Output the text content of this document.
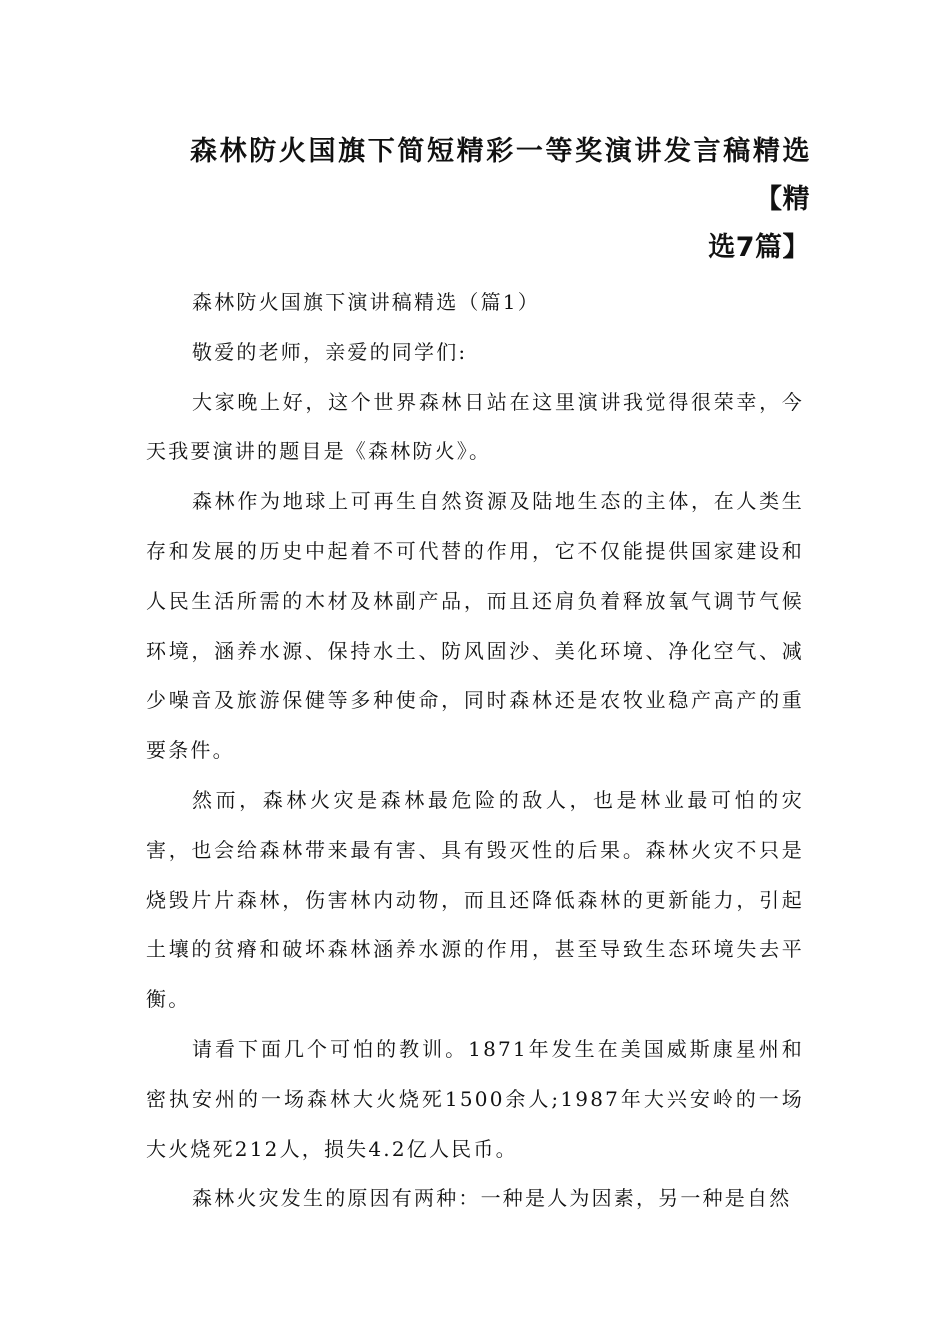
森林防火国旗下简短精彩一等奖演讲发言稿精选【精
选7篇】

森林防火国旗下演讲稿精选（篇1）

敬爱的老师，亲爱的同学们:

大家晚上好，这个世界森林日站在这里演讲我觉得很荣幸，今天我要演讲的题目是《森林防火》。

森林作为地球上可再生自然资源及陆地生态的主体，在人类生存和发展的历史中起着不可代替的作用，它不仅能提供国家建设和人民生活所需的木材及林副产品，而且还肩负着释放氧气调节气候环境，涵养水源、保持水土、防风固沙、美化环境、净化空气、减少噪音及旅游保健等多种使命，同时森林还是农牧业稳产高产的重要条件。

然而，森林火灾是森林最危险的敌人，也是林业最可怕的灾害，也会给森林带来最有害、具有毁灭性的后果。森林火灾不只是烧毁片片森林，伤害林内动物，而且还降低森林的更新能力，引起土壤的贫瘠和破坏森林涵养水源的作用，甚至导致生态环境失去平衡。

请看下面几个可怕的教训。1871年发生在美国威斯康星州和密执安州的一场森林大火烧死1500余人;1987年大兴安岭的一场大火烧死212人，损失4.2亿人民币。

森林火灾发生的原因有两种：一种是人为因素，另一种是自然
